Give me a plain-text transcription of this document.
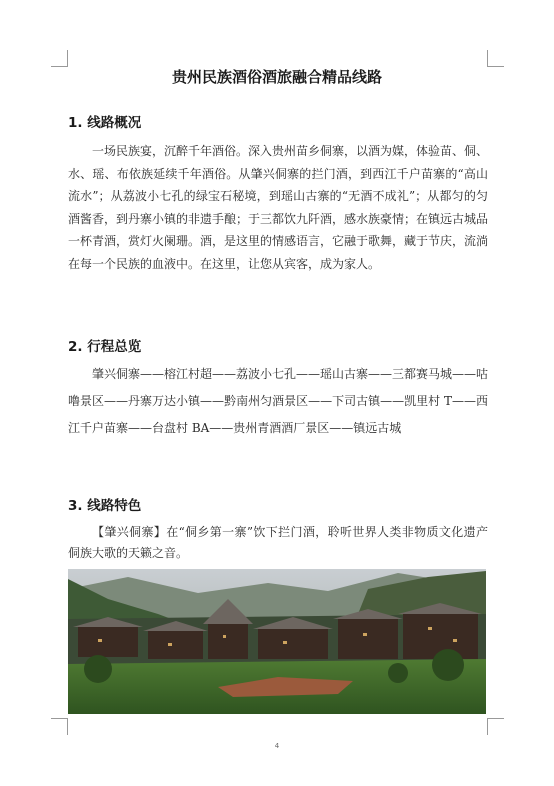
贵州民族酒俗酒旅融合精品线路
1. 线路概况

一场民族宴，沉醉千年酒俗。深入贵州苗乡侗寨，以酒为媒，体验苗、侗、水、瑶、布依族延续千年酒俗。从肇兴侗寨的拦门酒，到西江千户苗寨的“高山流水”；从荔波小七孔的绿宝石秘境，到瑶山古寨的“无酒不成礼”；从都匀的匀酒酱香，到丹寨小镇的非遗手酿；于三都饮九阡酒，感水族豪情；在镇远古城品一杯青酒，赏灯火阑珊。酒，是这里的情感语言，它融于歌舞，藏于节庆，流淌在每一个民族的血液中。在这里，让您从宾客，成为家人。

2. 行程总览

肇兴侗寨——榕江村超——荔波小七孔——瑶山古寨——三都赛马城——咕噜景区——丹寨万达小镇——黔南州匀酒景区——下司古镇——凯里村 T——西江千户苗寨——台盘村 BA——贵州青酒酒厂景区——镇远古城

3. 线路特色

【肇兴侗寨】在“侗乡第一寨”饮下拦门酒，聆听世界人类非物质文化遗产侗族大歌的天籁之音。

4
